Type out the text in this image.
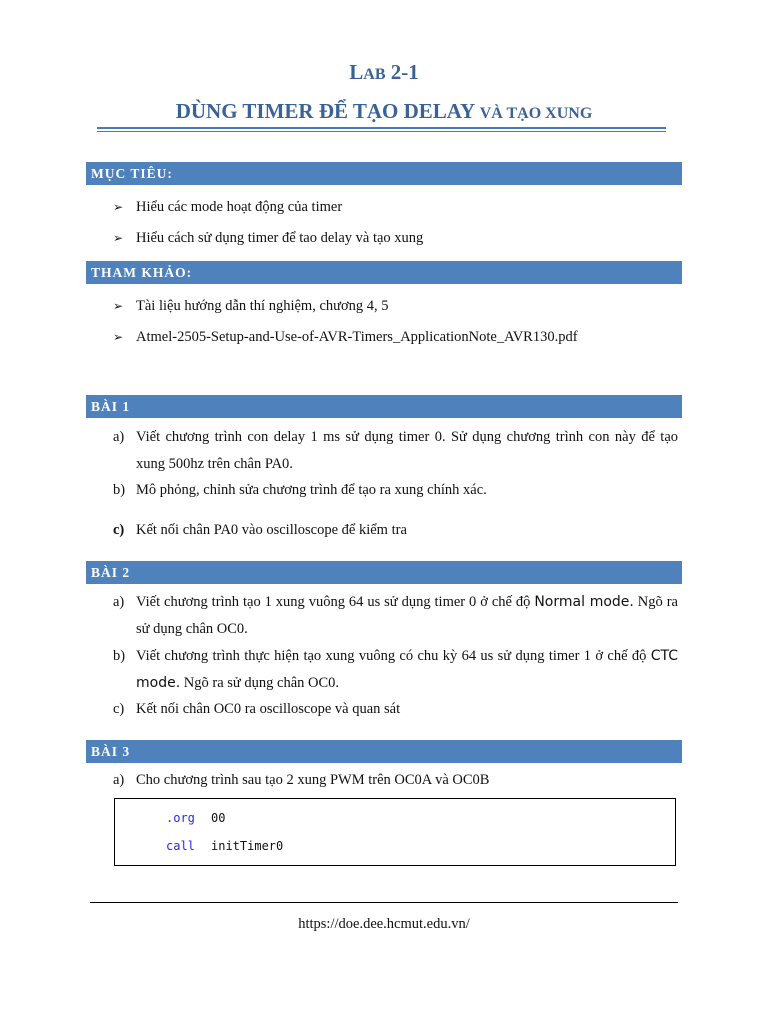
LAB 2-1
DÙNG TIMER ĐỂ TẠO DELAY VÀ TẠO XUNG
MỤC TIÊU:
➢ Hiểu các mode hoạt động của timer
➢ Hiểu cách sử dụng timer để tao delay và tạo xung
THAM KHẢO:
➢ Tài liệu hướng dẫn thí nghiệm, chương 4, 5
➢ Atmel-2505-Setup-and-Use-of-AVR-Timers_ApplicationNote_AVR130.pdf
BÀI 1
a) Viết chương trình con delay 1 ms sử dụng timer 0. Sử dụng chương trình con này để tạo xung 500hz trên chân PA0.
b) Mô phỏng, chỉnh sửa chương trình để tạo ra xung chính xác.
c) Kết nối chân PA0 vào oscilloscope để kiểm tra
BÀI 2
a) Viết chương trình tạo 1 xung vuông 64 us sử dụng timer 0 ở chế độ Normal mode. Ngõ ra sử dụng chân OC0.
b) Viết chương trình thực hiện tạo xung vuông có chu kỳ 64 us sử dụng timer 1 ở chế độ CTC mode. Ngõ ra sử dụng chân OC0.
c) Kết nối chân OC0 ra oscilloscope và quan sát
BÀI 3
a) Cho chương trình sau tạo 2 xung PWM trên OC0A và OC0B
.org 00
call initTimer0
https://doe.dee.hcmut.edu.vn/
